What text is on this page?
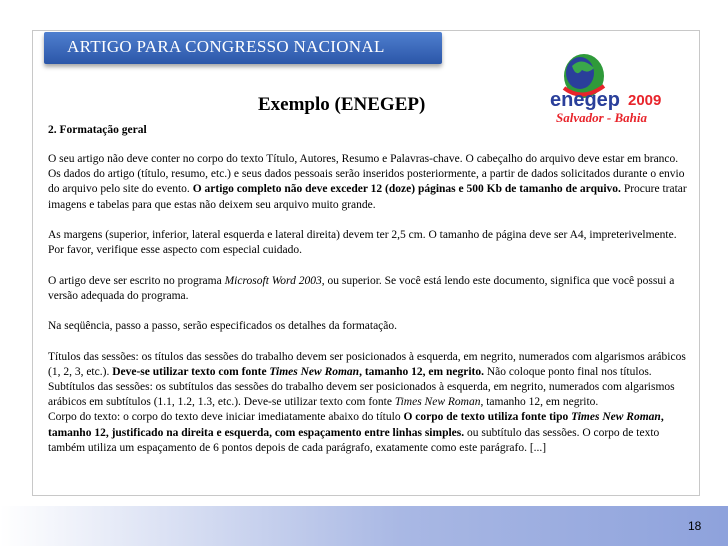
ARTIGO PARA CONGRESSO NACIONAL
enegep 2009
Salvador - Bahia
Exemplo (ENEGEP)
2. Formatação geral

O seu artigo não deve conter no corpo do texto Título, Autores, Resumo e Palavras-chave. O cabeçalho do arquivo deve estar em branco. Os dados do artigo (título, resumo, etc.) e seus dados pessoais serão inseridos posteriormente, a partir de dados solicitados durante o envio do arquivo pelo site do evento. O artigo completo não deve exceder 12 (doze) páginas e 500 Kb de tamanho de arquivo. Procure tratar imagens e tabelas para que estas não deixem seu arquivo muito grande.

As margens (superior, inferior, lateral esquerda e lateral direita) devem ter 2,5 cm. O tamanho de página deve ser A4, impreterivelmente. Por favor, verifique esse aspecto com especial cuidado.

O artigo deve ser escrito no programa Microsoft Word 2003, ou superior. Se você está lendo este documento, significa que você possui a versão adequada do programa.

Na seqüência, passo a passo, serão especificados os detalhes da formatação.

Títulos das sessões: os títulos das sessões do trabalho devem ser posicionados à esquerda, em negrito, numerados com algarismos arábicos (1, 2, 3, etc.). Deve-se utilizar texto com fonte Times New Roman, tamanho 12, em negrito. Não coloque ponto final nos títulos.

Subtítulos das sessões: os subtítulos das sessões do trabalho devem ser posicionados à esquerda, em negrito, numerados com algarismos arábicos em subtítulos (1.1, 1.2, 1.3, etc.). Deve-se utilizar texto com fonte Times New Roman, tamanho 12, em negrito.

Corpo do texto: o corpo do texto deve iniciar imediatamente abaixo do título O corpo de texto utiliza fonte tipo Times New Roman, tamanho 12, justificado na direita e esquerda, com espaçamento entre linhas simples. ou subtítulo das sessões. O corpo de texto também utiliza um espaçamento de 6 pontos depois de cada parágrafo, exatamente como este parágrafo. [...]

18
